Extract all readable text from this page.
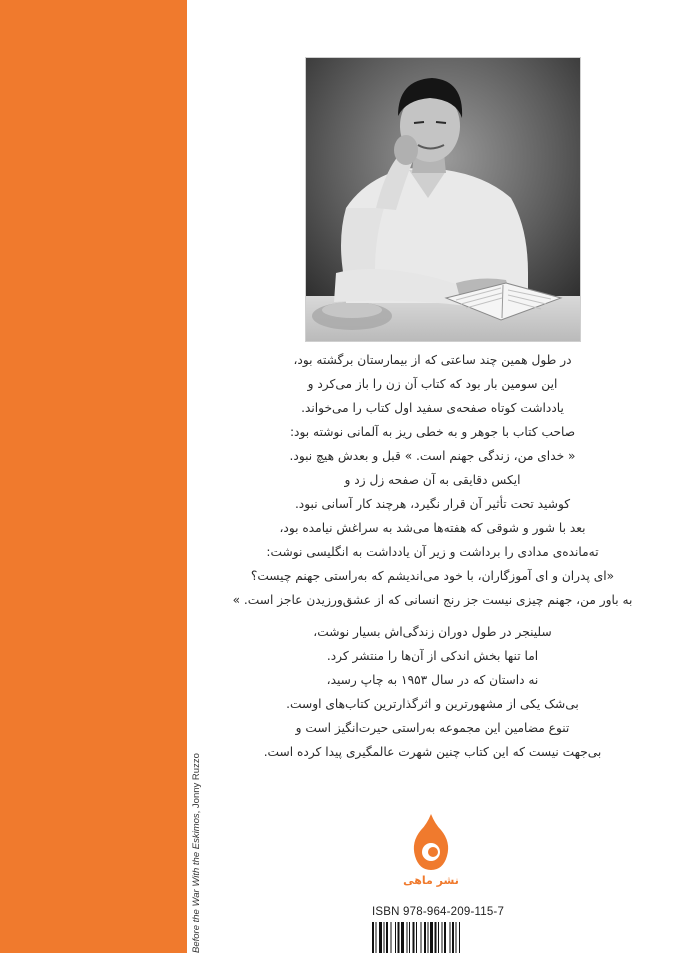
Before the War With the Eskimos, Jonny Ruzzo
در طول همین چند ساعتی که از بیمارستان برگشته بود،
این سومین بار بود که کتاب آن زن را باز می‌کرد و
یادداشت کوتاه صفحه‌ی سفید اول کتاب را می‌خواند.
صاحب کتاب با جوهر و به خطی ریز به آلمانی نوشته بود:
« خدای من، زندگی جهنم است. » قبل و بعدش هیچ نبود.
ایکس دقایقی به آن صفحه زل زد و
کوشید تحت تأثیر آن قرار نگیرد، هرچند کار آسانی نبود.
بعد با شور و شوقی که هفته‌ها می‌شد به سراغش نیامده بود،
ته‌مانده‌ی مدادی را برداشت و زیر آن یادداشت به انگلیسی نوشت:
«ای پدران و ای آموزگاران، با خود می‌اندیشم که به‌راستی جهنم چیست؟
به باور من، جهنم چیزی نیست جز رنج انسانی که از عشق‌ورزیدن عاجز است. »
سلینجر در طول دوران زندگی‌اش بسیار نوشت،
اما تنها بخش اندکی از آن‌ها را منتشر کرد.
نه داستان که در سال ۱۹۵۳ به چاپ رسید،
بی‌شک یکی از مشهورترین و اثرگذارترین کتاب‌های اوست.
تنوع مضامین این مجموعه به‌راستی حیرت‌انگیز است و
بی‌جهت نیست که این کتاب چنین شهرت عالمگیری پیدا کرده است.
نشر ماهی
ISBN 978-964-209-115-7
